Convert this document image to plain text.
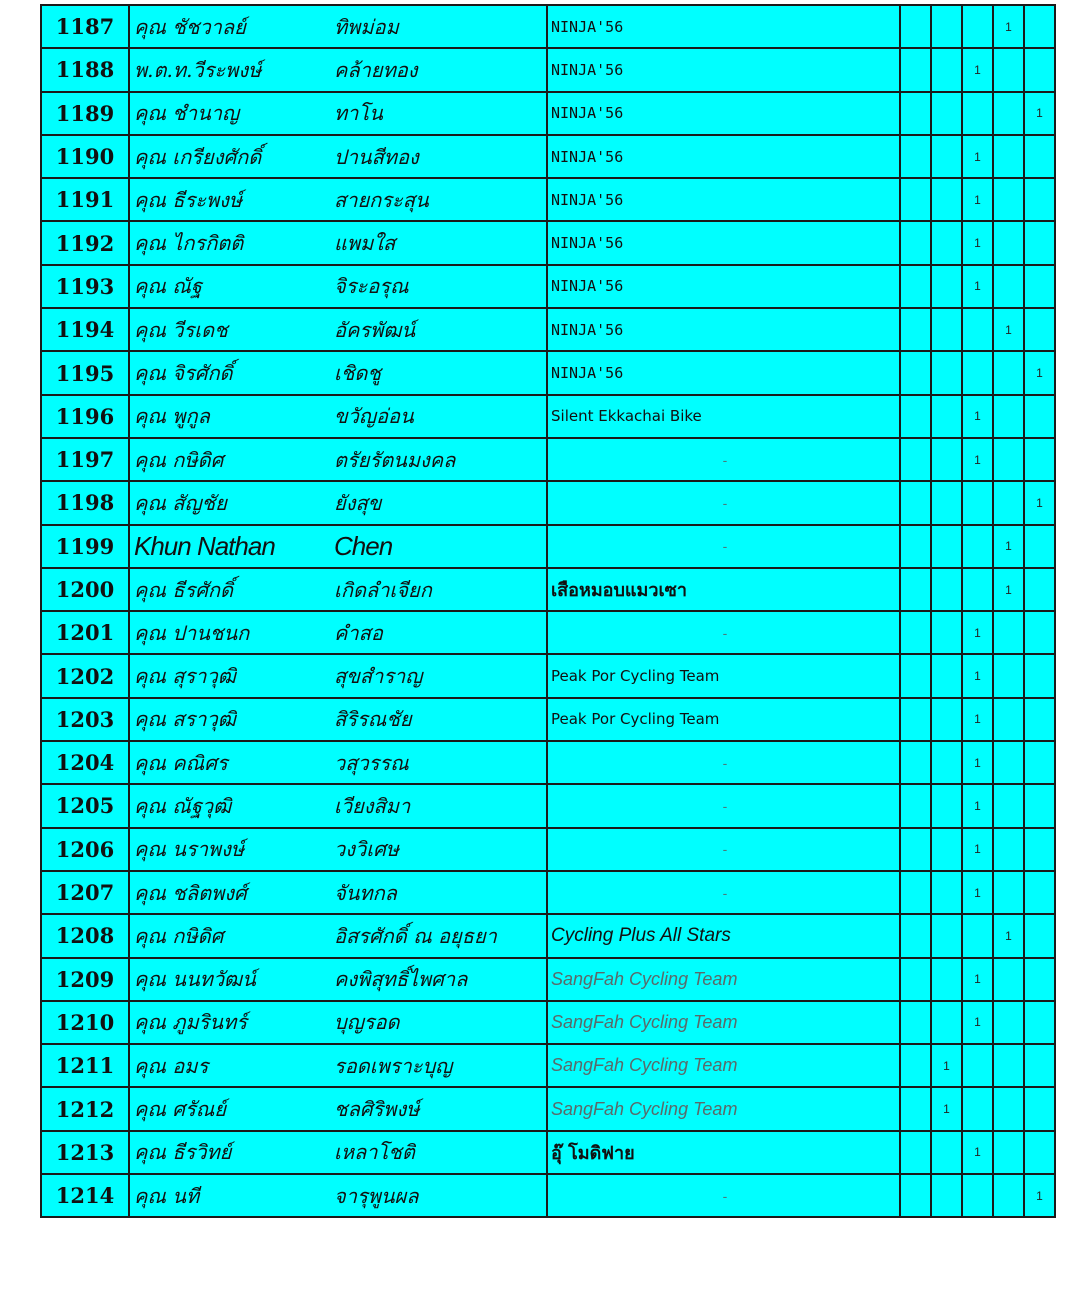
1187	คุณ ชัชวาลย์ ทิพม่อม	NINJA'56				1	
1188	พ.ต.ท.วีระพงษ์ คล้ายทอง	NINJA'56			1		
1189	คุณ ชำนาญ ทาโน	NINJA'56					1
1190	คุณ เกรียงศักดิ์ ปานสีทอง	NINJA'56			1		
1191	คุณ ธีระพงษ์ สายกระสุน	NINJA'56			1		
1192	คุณ ไกรกิตติ แพมใส	NINJA'56			1		
1193	คุณ ณัฐ จิระอรุณ	NINJA'56			1		
1194	คุณ วีรเดช อัครพัฒน์	NINJA'56				1	
1195	คุณ จิรศักดิ์ เชิดชู	NINJA'56					1
1196	คุณ พูกูล ขวัญอ่อน	Silent Ekkachai Bike			1		
1197	คุณ กษิดิศ ตรัยรัตนมงคล	-			1		
1198	คุณ สัญชัย ยังสุข	-					1
1199	Khun Nathan Chen	-				1	
1200	คุณ ธีรศักดิ์ เกิดลำเจียก	เสือหมอบแมวเซา				1	
1201	คุณ ปานชนก คำสอ	-			1		
1202	คุณ สุราวุฒิ สุขสำราญ	Peak Por Cycling Team			1		
1203	คุณ สราวุฒิ สิริรณชัย	Peak Por Cycling Team			1		
1204	คุณ คณิศร วสุวรรณ	-			1		
1205	คุณ ณัฐวุฒิ เวียงสิมา	-			1		
1206	คุณ นราพงษ์ วงวิเศษ	-			1		
1207	คุณ ชลิตพงศ์ จันทกล	-			1		
1208	คุณ กษิดิศ อิสรศักดิ์ ณ อยุธยา	Cycling Plus All Stars				1	
1209	คุณ นนทวัฒน์ คงพิสุทธิ์ไพศาล	SangFah Cycling Team			1		
1210	คุณ ภูมรินทร์ บุญรอด	SangFah Cycling Team			1		
1211	คุณ อมร รอดเพราะบุญ	SangFah Cycling Team		1			
1212	คุณ ศรัณย์ ชลศิริพงษ์	SangFah Cycling Team		1			
1213	คุณ ธีรวิทย์ เหลาโชติ	อุ๊ โมดิฟาย			1		
1214	คุณ นที จารุพูนผล	-					1
